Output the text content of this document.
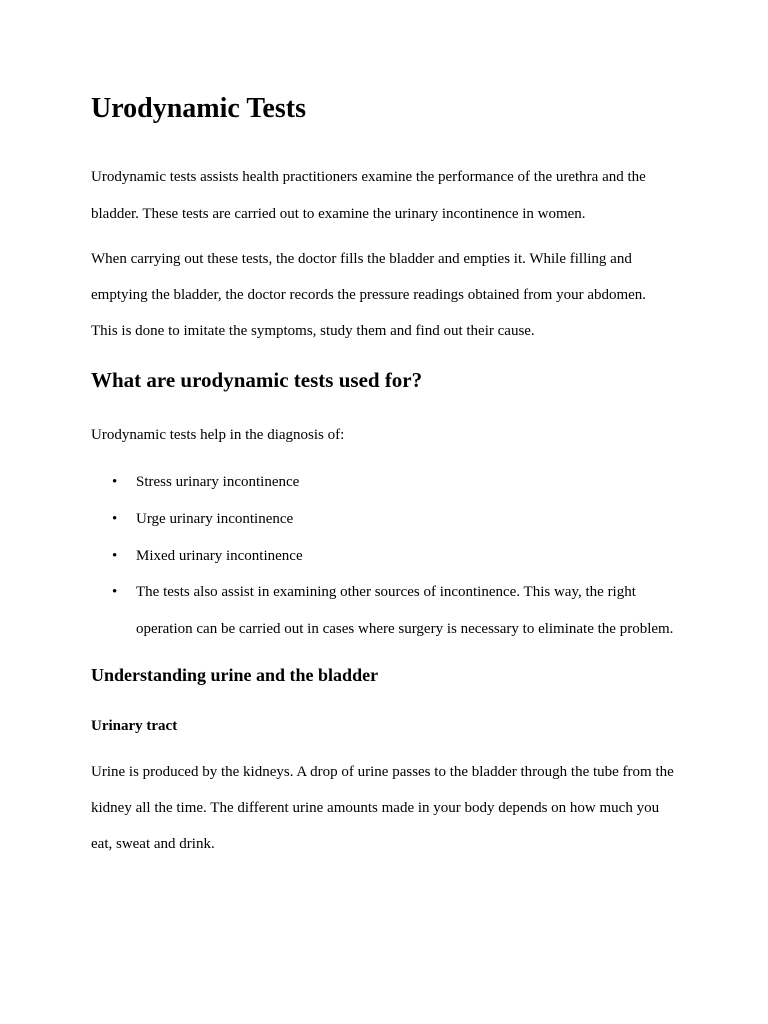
Urodynamic Tests

Urodynamic tests assists health practitioners examine the performance of the urethra and the

bladder. These tests are carried out to examine the urinary incontinence in women.

When carrying out these tests, the doctor fills the bladder and empties it. While filling and

emptying the bladder, the doctor records the pressure readings obtained from your abdomen.

This is done to imitate the symptoms, study them and find out their cause.

What are urodynamic tests used for?

Urodynamic tests help in the diagnosis of:

• Stress urinary incontinence
• Urge urinary incontinence
• Mixed urinary incontinence
• The tests also assist in examining other sources of incontinence. This way, the right
operation can be carried out in cases where surgery is necessary to eliminate the problem.
Understanding urine and the bladder
Urinary tract

Urine is produced by the kidneys. A drop of urine passes to the bladder through the tube from the

kidney all the time. The different urine amounts made in your body depends on how much you

eat, sweat and drink.
